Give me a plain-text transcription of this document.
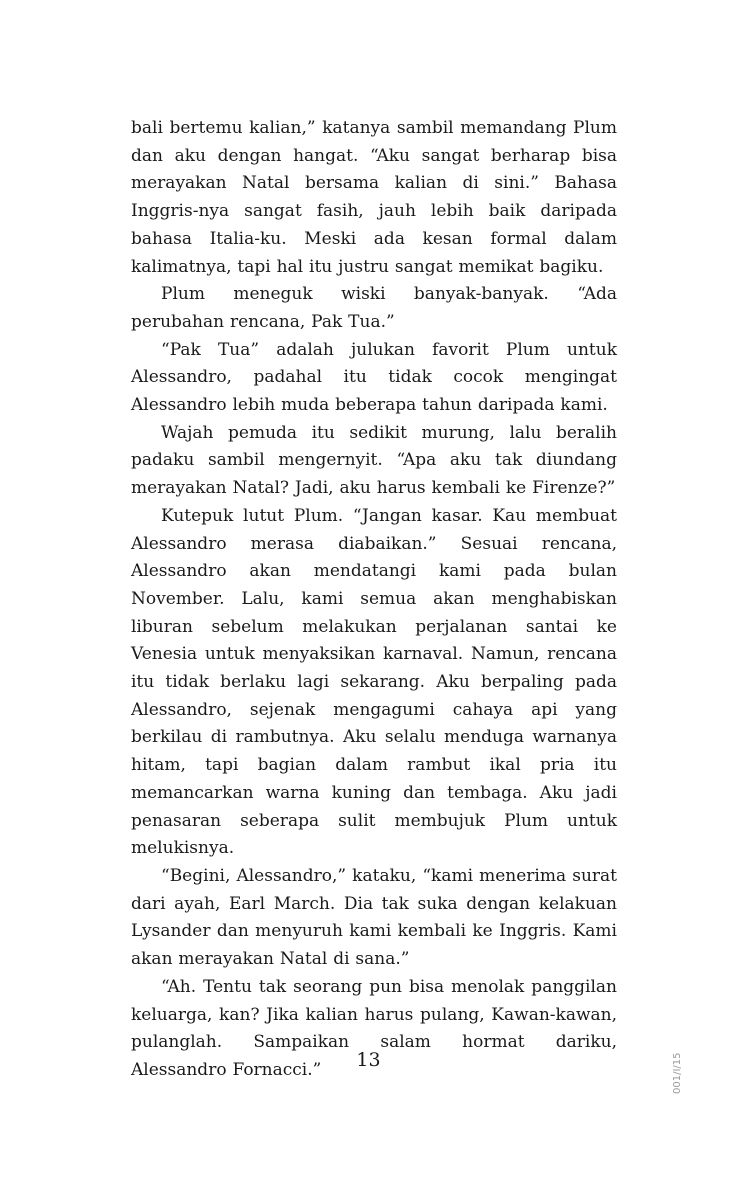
bali bertemu kalian,” katanya sambil memandang Plum dan aku dengan hangat. “Aku sangat berharap bisa merayakan Natal bersama kalian di sini.” Bahasa Inggris-nya sangat fasih, jauh lebih baik daripada bahasa Italia-ku. Meski ada kesan formal dalam kalimatnya, tapi hal itu justru sangat memikat bagiku.

Plum meneguk wiski banyak-banyak. “Ada perubahan rencana, Pak Tua.”

“Pak Tua” adalah julukan favorit Plum untuk Alessandro, padahal itu tidak cocok mengingat Alessandro lebih muda beberapa tahun daripada kami.

Wajah pemuda itu sedikit murung, lalu beralih padaku sambil mengernyit. “Apa aku tak diundang merayakan Natal? Jadi, aku harus kembali ke Firenze?”

Kutepuk lutut Plum. “Jangan kasar. Kau membuat Alessandro merasa diabaikan.” Sesuai rencana, Alessandro akan mendatangi kami pada bulan November. Lalu, kami semua akan menghabiskan liburan sebelum melakukan perjalanan santai ke Venesia untuk menyaksikan karnaval. Namun, rencana itu tidak berlaku lagi sekarang. Aku berpaling pada Alessandro, sejenak mengagumi cahaya api yang berkilau di rambutnya. Aku selalu menduga warnanya hitam, tapi bagian dalam rambut ikal pria itu memancarkan warna kuning dan tembaga. Aku jadi penasaran seberapa sulit membujuk Plum untuk melukisnya.

“Begini, Alessandro,” kataku, “kami menerima surat dari ayah, Earl March. Dia tak suka dengan kelakuan Lysander dan menyuruh kami kembali ke Inggris. Kami akan merayakan Natal di sana.”

“Ah. Tentu tak seorang pun bisa menolak panggilan keluarga, kan? Jika kalian harus pulang, Kawan-kawan, pulanglah. Sampaikan salam hormat dariku, Alessandro Fornacci.”	13	001/I/15
